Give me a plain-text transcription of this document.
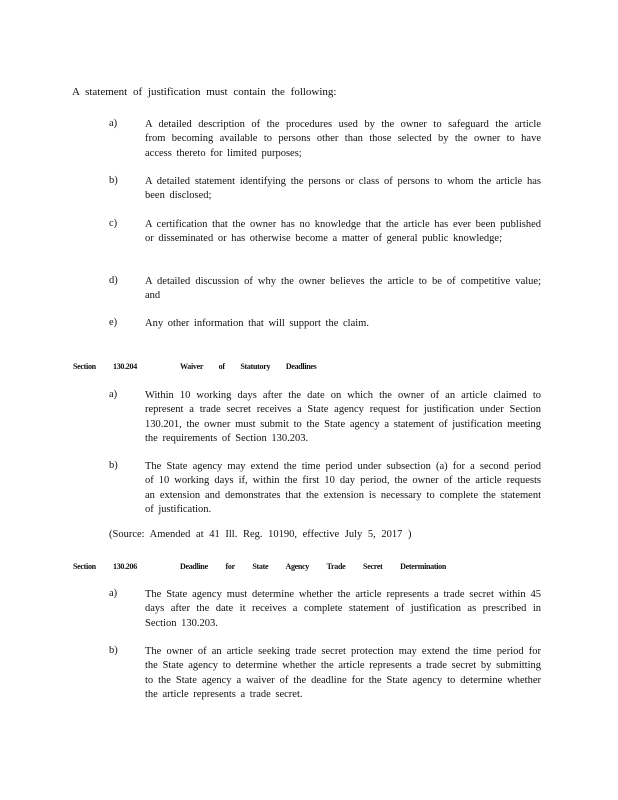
A statement of justification must contain the following:
a)	A detailed description of the procedures used by the owner to safeguard the article from becoming available to persons other than those selected by the owner to have access thereto for limited purposes;
b)	A detailed statement identifying the persons or class of persons to whom the article has been disclosed;
c)	A certification that the owner has no knowledge that the article has ever been published or disseminated or has otherwise become a matter of general public knowledge;
d)	A detailed discussion of why the owner believes the article to be of competitive value; and
e)	Any other information that will support the claim.
Section 130.204	Waiver of Statutory Deadlines
a)	Within 10 working days after the date on which the owner of an article claimed to represent a trade secret receives a State agency request for justification under Section 130.201, the owner must submit to the State agency a statement of justification meeting the requirements of Section 130.203.
b)	The State agency may extend the time period under subsection (a) for a second period of 10 working days if, within the first 10 day period, the owner of the article requests an extension and demonstrates that the extension is necessary to complete the statement of justification.
(Source: Amended at 41 Ill. Reg. 10190, effective July 5, 2017 )
Section 130.206	Deadline for State Agency Trade Secret Determination
a)	The State agency must determine whether the article represents a trade secret within 45 days after the date it receives a complete statement of justification as prescribed in Section 130.203.
b)	The owner of an article seeking trade secret protection may extend the time period for the State agency to determine whether the article represents a trade secret by submitting to the State agency a waiver of the deadline for the State agency to determine whether the article represents a trade secret.
